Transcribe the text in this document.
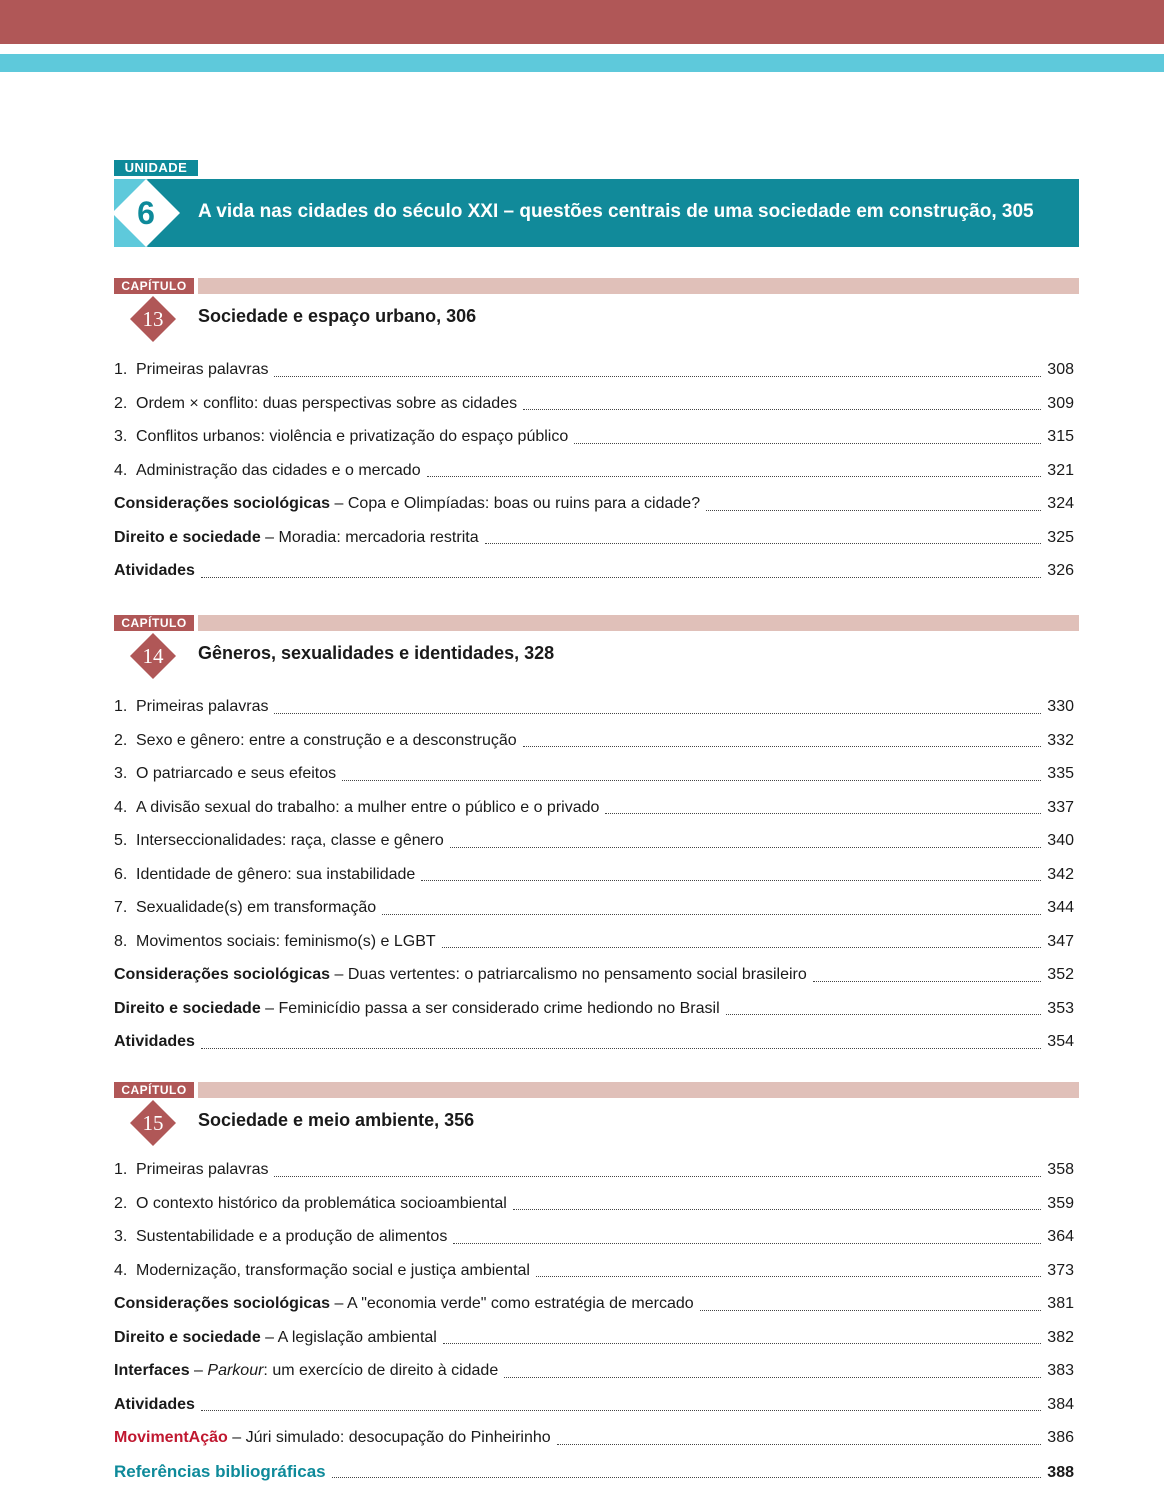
UNIDADE
6	A vida nas cidades do século XXI – questões centrais de uma sociedade em construção, 305
CAPÍTULO
13	Sociedade e espaço urbano, 306
1. Primeiras palavras	308
2. Ordem × conflito: duas perspectivas sobre as cidades	309
3. Conflitos urbanos: violência e privatização do espaço público	315
4. Administração das cidades e o mercado	321
Considerações sociológicas – Copa e Olimpíadas: boas ou ruins para a cidade?	324
Direito e sociedade – Moradia: mercadoria restrita	325
Atividades	326
CAPÍTULO
14	Gêneros, sexualidades e identidades, 328
1. Primeiras palavras	330
2. Sexo e gênero: entre a construção e a desconstrução	332
3. O patriarcado e seus efeitos	335
4. A divisão sexual do trabalho: a mulher entre o público e o privado	337
5. Interseccionalidades: raça, classe e gênero	340
6. Identidade de gênero: sua instabilidade	342
7. Sexualidade(s) em transformação	344
8. Movimentos sociais: feminismo(s) e LGBT	347
Considerações sociológicas – Duas vertentes: o patriarcalismo no pensamento social brasileiro	352
Direito e sociedade – Feminicídio passa a ser considerado crime hediondo no Brasil	353
Atividades	354
CAPÍTULO
15	Sociedade e meio ambiente, 356
1. Primeiras palavras	358
2. O contexto histórico da problemática socioambiental	359
3. Sustentabilidade e a produção de alimentos	364
4. Modernização, transformação social e justiça ambiental	373
Considerações sociológicas – A "economia verde" como estratégia de mercado	381
Direito e sociedade – A legislação ambiental	382
Interfaces – Parkour: um exercício de direito à cidade	383
Atividades	384
MovimentAção – Júri simulado: desocupação do Pinheirinho	386
Referências bibliográficas	388
